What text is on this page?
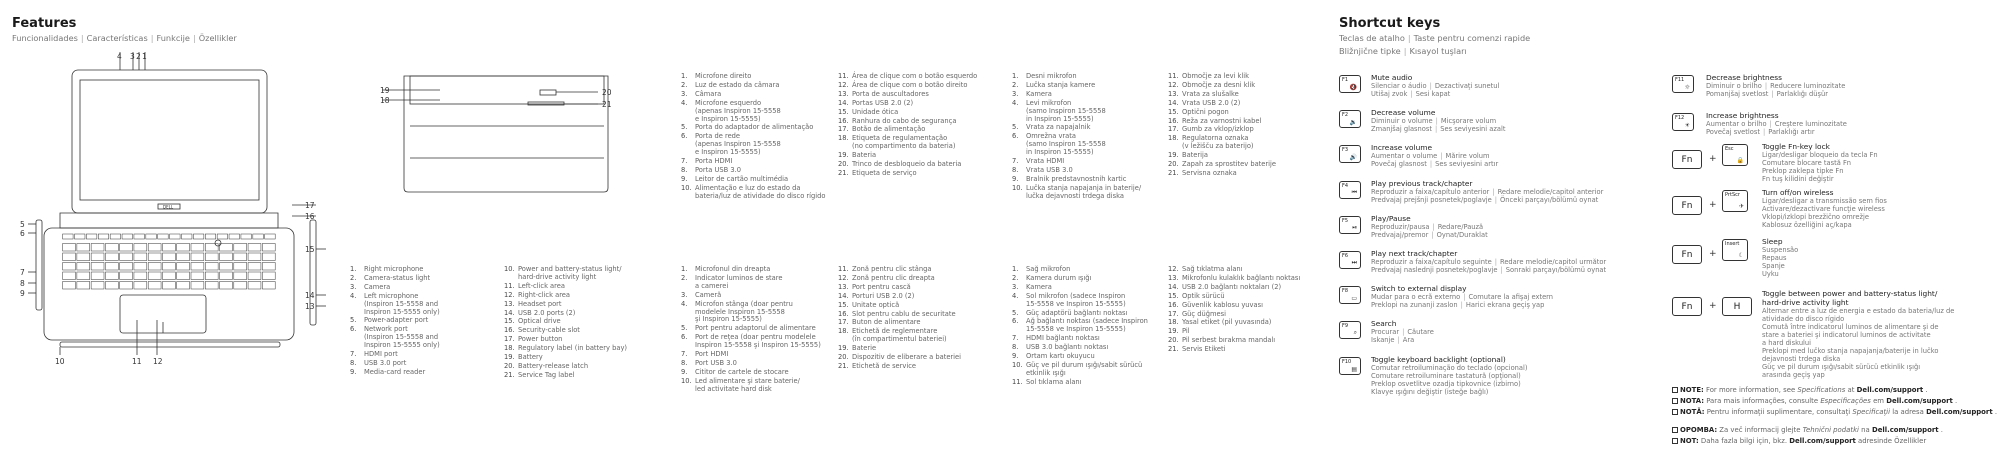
Features
Funcionalidades | Características | Funkcije | Özellikler
DELL
4 3 2 1
5
6
7
8
9
17
16
15
14
13
10	11 12
19
18
20
21
1.	Right microphone
2.	Camera-status light
3.	Camera
4.	Left microphone
(Inspiron 15-5558 and
Inspiron 15-5555 only)
5.	Power-adapter port
6.	Network port
(Inspiron 15-5558 and
Inspiron 15-5555 only)
7.	HDMI port
8.	USB 3.0 port
9.	Media-card reader
10. Power and battery-status light/
hard-drive activity light
11. Left-click area
12. Right-click area
13. Headset port
14. USB 2.0 ports (2)
15. Optical drive
16. Security-cable slot
17. Power button
18. Regulatory label (in battery bay)
19. Battery
20. Battery-release latch
21. Service Tag label
1.	Microfone direito
2.	Luz de estado da câmara
3.	Câmara
4.	Microfone esquerdo
(apenas Inspiron 15-5558
e Inspiron 15-5555)
5.	Porta do adaptador de alimentação
6.	Porta de rede
(apenas Inspiron 15-5558
e Inspiron 15-5555)
7.	Porta HDMI
8.	Porta USB 3.0
9.	Leitor de cartão multimédia
10. Alimentação e luz do estado da
bateria/luz de atividade do disco rígido
11. Área de clique com o botão esquerdo
12. Área de clique com o botão direito
13. Porta de auscultadores
14. Portas USB 2.0 (2)
15. Unidade ótica
16. Ranhura do cabo de segurança
17. Botão de alimentação
18. Etiqueta de regulamentação
(no compartimento da bateria)
19. Bateria
20. Trinco de desbloqueio da bateria
21. Etiqueta de serviço
1.	Microfonul din dreapta
2.	Indicator luminos de stare
a camerei
3.	Cameră
4.	Microfon stânga (doar pentru
modelele Inspiron 15-5558
şi Inspiron 15-5555)
5.	Port pentru adaptorul de alimentare
6.	Port de reţea (doar pentru modelele
Inspiron 15-5558 şi Inspiron 15-5555)
7.	Port HDMI
8.	Port USB 3.0
9.	Cititor de cartele de stocare
10. Led alimentare şi stare baterie/
led activitate hard disk
11. Zonă pentru clic stânga
12. Zonă pentru clic dreapta
13. Port pentru cască
14. Porturi USB 2.0 (2)
15. Unitate optică
16. Slot pentru cablu de securitate
17. Buton de alimentare
18. Etichetă de reglementare
(în compartimentul bateriei)
19. Baterie
20. Dispozitiv de eliberare a bateriei
21. Etichetă de service
1.	Desni mikrofon
2.	Lučka stanja kamere
3.	Kamera
4.	Levi mikrofon
(samo Inspiron 15-5558
in Inspiron 15-5555)
5.	Vrata za napajalnik
6.	Omrežna vrata
(samo Inspiron 15-5558
in Inspiron 15-5555)
7.	Vrata HDMI
8.	Vrata USB 3.0
9.	Bralnik predstavnostnih kartic
10. Lučka stanja napajanja in baterije/
lučka dejavnosti trdega diska
11. Območje za levi klik
12. Območje za desni klik
13. Vrata za slušalke
14. Vrata USB 2.0 (2)
15. Optični pogon
16. Reža za varnostni kabel
17. Gumb za vklop/izklop
18. Regulatorna oznaka
(v ležišču za baterijo)
19. Baterija
20. Zapah za sprostitev baterije
21. Servisna oznaka
1.	Sağ mikrofon
2.	Kamera durum ışığı
3.	Kamera
4.	Sol mikrofon (sadece Inspiron
15-5558 ve Inspiron 15-5555)
5.	Güç adaptörü bağlantı noktası
6.	Ağ bağlantı noktası (sadece Inspiron
15-5558 ve Inspiron 15-5555)
7.	HDMI bağlantı noktası
8.	USB 3.0 bağlantı noktası
9.	Ortam kartı okuyucu
10. Güç ve pil durum ışığı/sabit sürücü
etkinlik ışığı
11. Sol tıklama alanı
12. Sağ tıklatma alanı
13. Mikrofonlu kulaklık bağlantı noktası
14. USB 2.0 bağlantı noktaları (2)
15. Optik sürücü
16. Güvenlik kablosu yuvası
17. Güç düğmesi
18. Yasal etiket (pil yuvasında)
19. Pil
20. Pil serbest bırakma mandalı
21. Servis Etiketi
Shortcut keys
Teclas de atalho | Taste pentru comenzi rapide
Bližnjične tipke | Kısayol tuşları
F1
🔇
Mute audio
Silenciar o áudio | Dezactivaţi sunetul
Utišaj zvok | Sesi kapat
F2
🔉
Decrease volume
Diminuir o volume | Micşorare volum
Zmanjšaj glasnost | Ses seviyesini azalt
F3
🔊
Increase volume
Aumentar o volume | Mărire volum
Povečaj glasnost | Ses seviyesini artır
F4
⏮
Play previous track/chapter
Reproduzir a faixa/capítulo anterior | Redare melodie/capitol anterior
Predvajaj prejšnji posnetek/poglavje | Önceki parçayı/bölümü oynat
F5
⏯
Play/Pause
Reproduzir/pausa | Redare/Pauză
Predvajaj/premor | Oynat/Duraklat
F6
⏭
Play next track/chapter
Reproduzir a faixa/capítulo seguinte | Redare melodie/capitol următor
Predvajaj naslednji posnetek/poglavje | Sonraki parçayı/bölümü oynat
F8
▭
Switch to external display
Mudar para o ecrã externo | Comutare la afişaj extern
Preklopi na zunanji zaslon | Harici ekrana geçiş yap
F9
⌕
Search
Procurar | Căutare
Iskanje | Ara
F10
▤
Toggle keyboard backlight (optional)
Comutar retroiluminação do teclado (opcional)
Comutare retroiluminare tastatură (opţional)
Preklop osvetlitve ozadja tipkovnice (izbirno)
Klavye ışığını değiştir (isteğe bağlı)
F11
☼
Decrease brightness
Diminuir o brilho | Reducere luminozitate
Pomanjšaj svetlost | Parlaklığı düşür
F12
☀
Increase brightness
Aumentar o brilho | Creştere luminozitate
Povečaj svetlost | Parlaklığı artır
Fn	+
Esc
🔒
Toggle Fn-key lock
Ligar/desligar bloqueio da tecla Fn
Comutare blocare tastă Fn
Preklop zaklepa tipke Fn
Fn tuş kilidini değiştir
Fn	+
PrtScr
✈
Turn off/on wireless
Ligar/desligar a transmissão sem fios
Activare/dezactivare funcţie wireless
Vklopi/izklopi brezžično omrežje
Kablosuz özelliğini aç/kapa
Fn	+
Insert
☾
Sleep
Suspensão
Repaus
Spanje
Uyku
Fn	+	H
Toggle between power and battery-status light/
hard-drive activity light
Alternar entre a luz de energia e estado da bateria/luz de
atividade do disco rígido
Comută între indicatorul luminos de alimentare şi de
stare a bateriei şi indicatorul luminos de activitate
a hard diskului
Preklopi med lučko stanja napajanja/baterije in lučko
dejavnosti trdega diska
Güç ve pil durum ışığı/sabit sürücü etkinlik ışığı
arasında geçiş yap
NOTE: For more information, see Specifications at Dell.com/support .
NOTA: Para mais informações, consulte Especificações em Dell.com/support .
NOTĂ: Pentru informaţii suplimentare, consultaţi Specificaţii la adresa Dell.com/support .
OPOMBA: Za več informacij glejte Tehnični podatki na Dell.com/support .
NOT: Daha fazla bilgi için, bkz. Dell.com/support adresinde Özellikler
